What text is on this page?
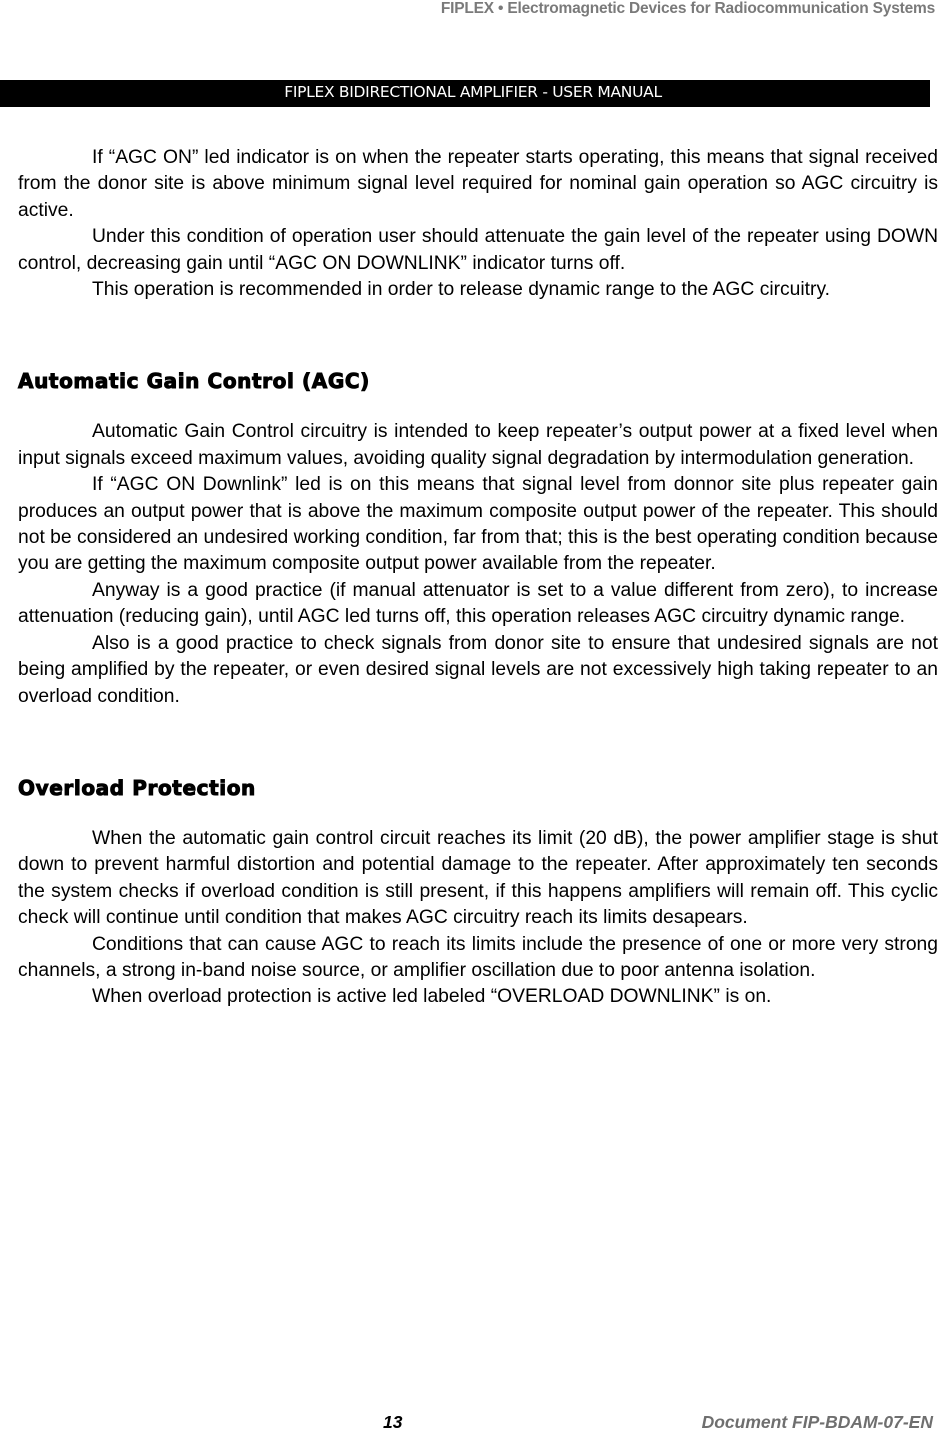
FIPLEX • Electromagnetic Devices for Radiocommunication Systems
FIPLEX BIDIRECTIONAL AMPLIFIER - USER MANUAL

If “AGC ON” led indicator is on when the repeater starts operating, this means that signal received from the donor site is above minimum signal level required for nominal gain operation so AGC circuitry is active.

Under this condition of operation user should attenuate the gain level of the repeater using DOWN control, decreasing gain until “AGC ON DOWNLINK” indicator turns off.

This operation is recommended in order to release dynamic range to the AGC circuitry.

Automatic Gain Control (AGC)

Automatic Gain Control circuitry is intended to keep repeater’s output power at a fixed level when input signals exceed maximum values, avoiding quality signal degradation by intermodulation generation.

If “AGC ON Downlink” led is on this means that signal level from donnor site plus repeater gain produces an output power that is above the maximum composite output power of the repeater. This should not be considered an undesired working condition, far from that; this is the best operating condition because you are getting the maximum composite output power available from the repeater.

Anyway is a good practice (if manual attenuator is set to a value different from zero), to increase attenuation (reducing gain), until AGC led turns off, this operation releases AGC circuitry dynamic range.

Also is a good practice to check signals from donor site to ensure that undesired signals are not being amplified by the repeater, or even desired signal levels are not excessively high taking repeater to an overload condition.

Overload Protection

When the automatic gain control circuit reaches its limit (20 dB), the power amplifier stage is shut down to prevent harmful distortion and potential damage to the repeater. After approximately ten seconds the system checks if overload condition is still present, if this happens amplifiers will remain off. This cyclic check will continue until condition that makes AGC circuitry reach its limits desapears.

Conditions that can cause AGC to reach its limits include the presence of one or more very strong channels, a strong in-band noise source, or amplifier oscillation due to poor antenna isolation.

When overload protection is active led labeled “OVERLOAD DOWNLINK” is on.

13	Document FIP-BDAM-07-EN
